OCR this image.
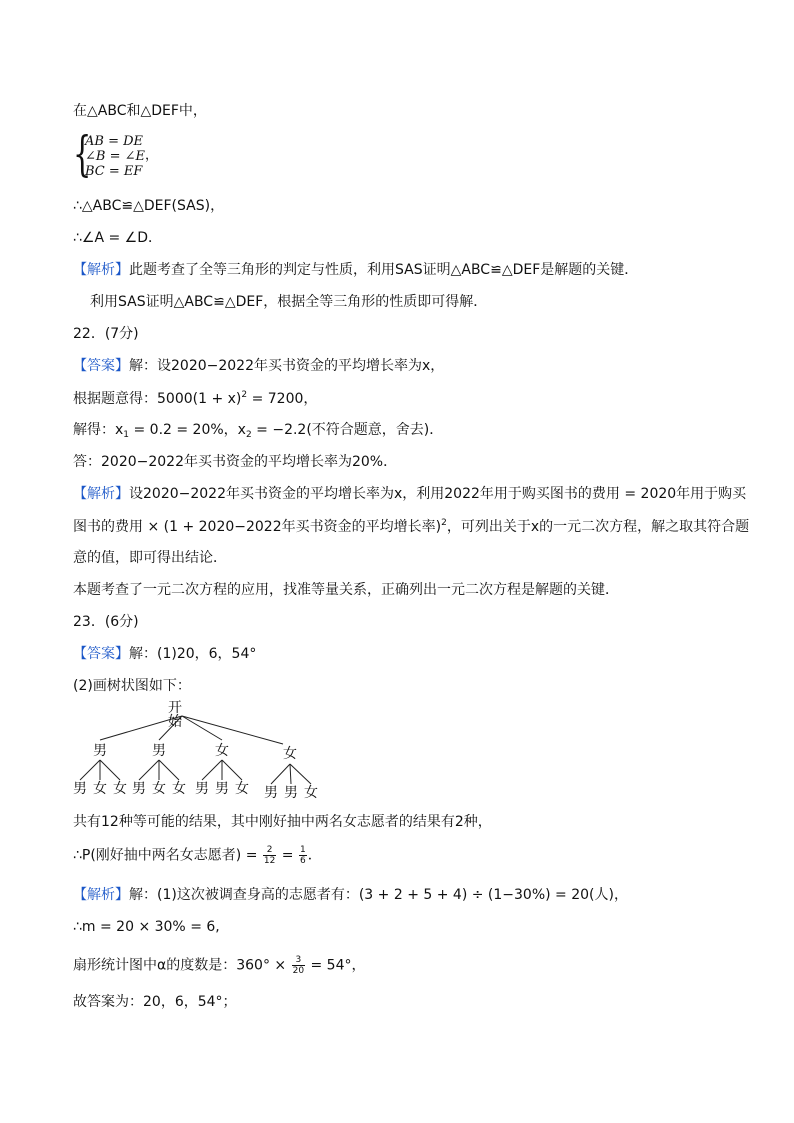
在△ABC和△DEF中，
{
AB = DE
∠B = ∠E
BC = EF
，
∴△ABC≌△DEF(SAS)，
∴∠A = ∠D．
【解析】此题考查了全等三角形的判定与性质，利用SAS证明△ABC≌△DEF是解题的关键．
利用SAS证明△ABC≌△DEF，根据全等三角形的性质即可得解．
22．(7分)
【答案】解：设2020−2022年买书资金的平均增长率为x，
根据题意得：$5000(1 + x)^2 = 7200$，
解得：$x_1 = 0.2 = 20\%$，$x_2 = -2.2$(不符合题意，舍去)．
答：2020−2022年买书资金的平均增长率为20%．
【解析】设2020−2022年买书资金的平均增长率为x，利用2022年用于购买图书的费用 = 2020年用于购买
图书的费用 × (1 + 2020−2022年买书资金的平均增长率)$^2$，可列出关于x的一元二次方程，解之取其符合题
意的值，即可得出结论．
本题考查了一元二次方程的应用，找准等量关系，正确列出一元二次方程是解题的关键．
23．(6分)
【答案】解：(1)20，6，54°
(2)画树状图如下：
开始
男	男	女	女
男 女 女 男 女 女 男 男 女 男 男 女
共有12种等可能的结果，其中刚好抽中两名女志愿者的结果有2种，
∴P(刚好抽中两名女志愿者) = $\frac{2}{12} = \frac{1}{6}$ ．
【解析】解：(1)这次被调查身高的志愿者有：(3 + 2 + 5 + 4) ÷ (1−30%) = 20(人)，
∴m = 20 × 30% = 6,
扇形统计图中α的度数是：$360^\circ \times \frac{3}{20} = 54^\circ$，
故答案为：20，6，54°；
